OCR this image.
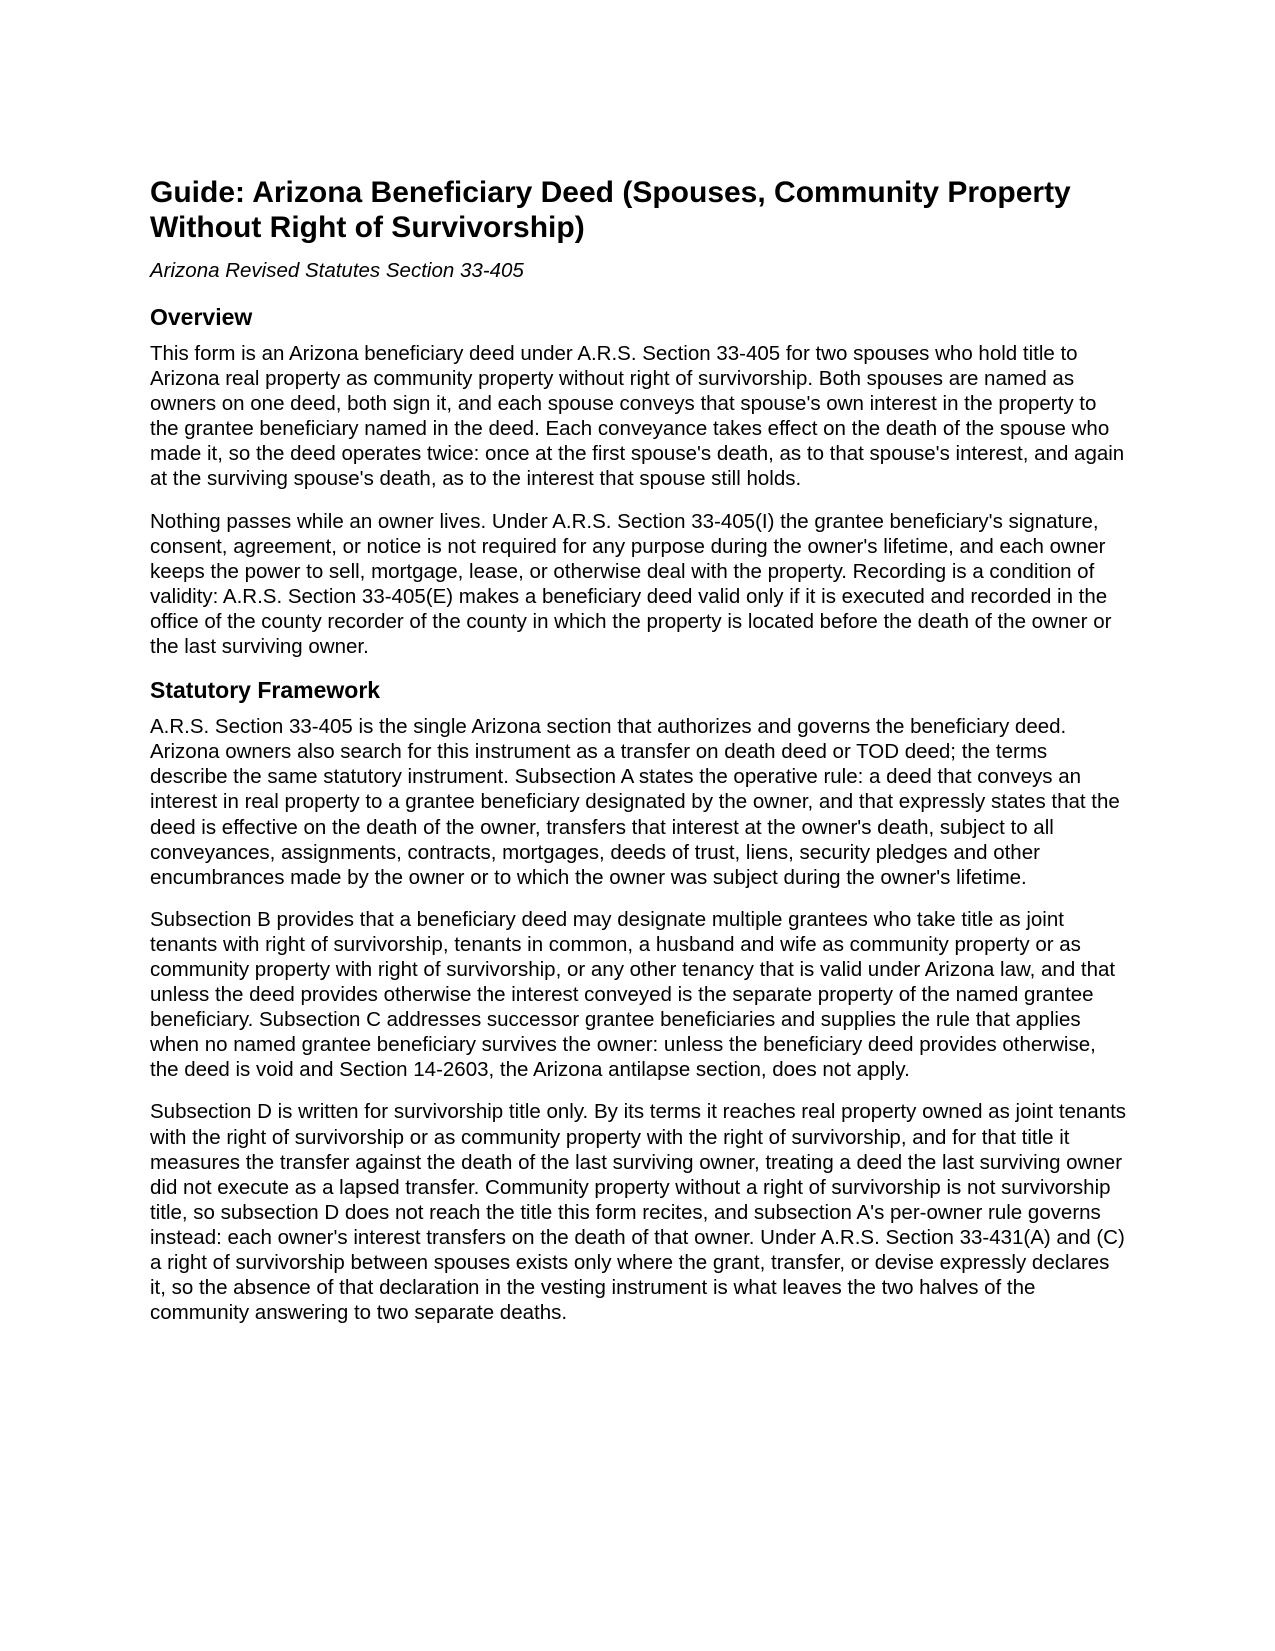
Guide: Arizona Beneficiary Deed (Spouses, Community Property Without Right of Survivorship)
Arizona Revised Statutes Section 33-405
Overview

This form is an Arizona beneficiary deed under A.R.S. Section 33-405 for two spouses who hold title to Arizona real property as community property without right of survivorship. Both spouses are named as owners on one deed, both sign it, and each spouse conveys that spouse's own interest in the property to the grantee beneficiary named in the deed. Each conveyance takes effect on the death of the spouse who made it, so the deed operates twice: once at the first spouse's death, as to that spouse's interest, and again at the surviving spouse's death, as to the interest that spouse still holds.

Nothing passes while an owner lives. Under A.R.S. Section 33-405(I) the grantee beneficiary's signature, consent, agreement, or notice is not required for any purpose during the owner's lifetime, and each owner keeps the power to sell, mortgage, lease, or otherwise deal with the property. Recording is a condition of validity: A.R.S. Section 33-405(E) makes a beneficiary deed valid only if it is executed and recorded in the office of the county recorder of the county in which the property is located before the death of the owner or the last surviving owner.

Statutory Framework

A.R.S. Section 33-405 is the single Arizona section that authorizes and governs the beneficiary deed. Arizona owners also search for this instrument as a transfer on death deed or TOD deed; the terms describe the same statutory instrument. Subsection A states the operative rule: a deed that conveys an interest in real property to a grantee beneficiary designated by the owner, and that expressly states that the deed is effective on the death of the owner, transfers that interest at the owner's death, subject to all conveyances, assignments, contracts, mortgages, deeds of trust, liens, security pledges and other encumbrances made by the owner or to which the owner was subject during the owner's lifetime.

Subsection B provides that a beneficiary deed may designate multiple grantees who take title as joint tenants with right of survivorship, tenants in common, a husband and wife as community property or as community property with right of survivorship, or any other tenancy that is valid under Arizona law, and that unless the deed provides otherwise the interest conveyed is the separate property of the named grantee beneficiary. Subsection C addresses successor grantee beneficiaries and supplies the rule that applies when no named grantee beneficiary survives the owner: unless the beneficiary deed provides otherwise, the deed is void and Section 14-2603, the Arizona antilapse section, does not apply.

Subsection D is written for survivorship title only. By its terms it reaches real property owned as joint tenants with the right of survivorship or as community property with the right of survivorship, and for that title it measures the transfer against the death of the last surviving owner, treating a deed the last surviving owner did not execute as a lapsed transfer. Community property without a right of survivorship is not survivorship title, so subsection D does not reach the title this form recites, and subsection A's per-owner rule governs instead: each owner's interest transfers on the death of that owner. Under A.R.S. Section 33-431(A) and (C) a right of survivorship between spouses exists only where the grant, transfer, or devise expressly declares it, so the absence of that declaration in the vesting instrument is what leaves the two halves of the community answering to two separate deaths.
